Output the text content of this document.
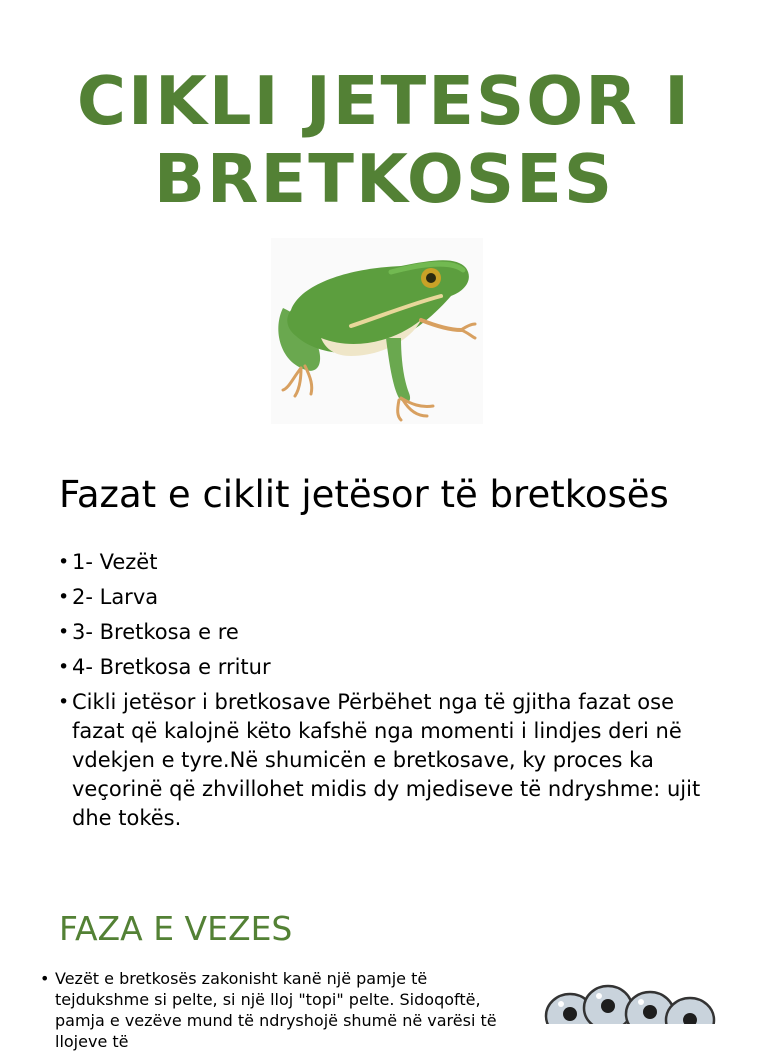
CIKLI JETESOR I
BRETKOSES
Fazat e ciklit jetësor të bretkosës
• 1- Vezët
• 2- Larva
• 3- Bretkosa e re
• 4- Bretkosa e rritur
• Cikli jetësor i bretkosave Përbëhet nga të gjitha fazat ose fazat që kalojnë këto kafshë nga momenti i lindjes deri në vdekjen e tyre.Në shumicën e bretkosave, ky proces ka veçorinë që zhvillohet midis dy mjediseve të ndryshme: ujit dhe tokës.
FAZA E VEZES
• Vezët e bretkosës zakonisht kanë një pamje të tejdukshme si pelte, si një lloj "topi" pelte. Sidoqoftë, pamja e vezëve mund të ndryshojë shumë në varësi të llojeve të
